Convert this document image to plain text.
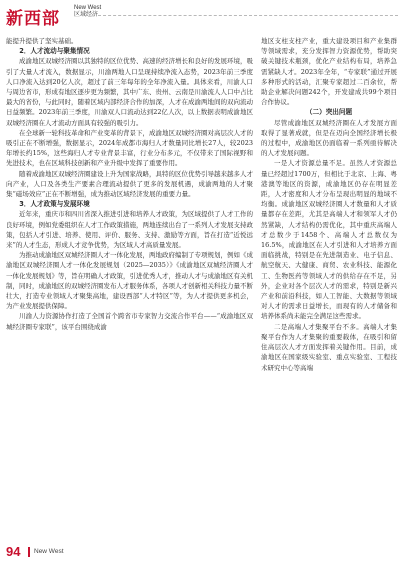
新西部
New West
区域经济

能提升提供了坚实基础。

2．人才流动与聚集情况

成渝地区双城经济圈以其独特的区位优势、高速的经济增长和良好的发展环境，吸引了大量人才流入，数据显示，川渝两地人口呈现持续净流入态势，2023年前三季度人口净流入达到20亿人次，超过了前三年每年的全年净流入量。具体来看，川渝人口与周边省市，形成有地区逐步更为频繁，其中广东、贵州、云南是川渝流人人口中占比最大的省份，与此同时，随着区域内部经济合作的加深，人才在成渝两地间的双向流动日益频繁。2023年前三季度，川渝双人口流动达到22亿人次，以上数据表明成渝地区双城经济圈在人才流动方面具有较强的吸引力。

在全球新一轮科技革命和产业变革的背景下，成渝地区双城经济圈对高层次人才的吸引正在不断增强，数据显示，2024年成都市海归人才数量同比增长27人，较2023年增长约15%，这些海归人才专业背景丰富，行业分布多元，不仅带来了国际视野和先进技术，也在区域科技创新和产业升级中发挥了重要作用。

随着成渝地区双城经济圈建设上升为国家战略，具特的区位优势引导越来越多人才向产业，人口及各类生产要素合理流动提供了更多的发展机遇，成渝两地的人才聚集“磁场效应”正在不断增强，成为推动区域经济发展的重要力量。

3．人才政策与发展环境

近年来，重庆市和四川省深入推进引进和培养人才政策，为区域提供了人才工作的良好环境，例如党委组织在人才工作政策措施，两地连续出台了一系列人才发展支持政策，包括人才引进、培养、使用、评价、服务、支持、激励等方面，旨在打造“近悦远来”的人才生态，形成人才竞争优势，为区域人才高质量发展。

为推动成渝地区双城经济圈人才一体化发展，两地政府编制了专项规划，例如《成渝地区双城经济圈人才一体化发展规划（2025—2035）》《成渝地区双城经济圈人才一体化发展规划》等，旨在明确人才政策，引进优秀人才，推动人才与成渝地区有关机制，同时，成渝地区的双城经济圈发布人才服务体系，各项人才创新相关科技力量不断壮大，打造专业领域人才聚集高地，建设西部“人才特区”等，为人才提供更多机会，为产业发展提供保障。

川渝人力资源协作打造了全国首个跨省市专家智力交流合作平台——“成渝地区双城经济圈专家联”，该平台围绕成渝

地区支柱支柱产业，重大建设项目和产业集群等领域需求，充分发挥智力资源优势，帮助突破关键技术瓶颈，优化产业结构布局，培养急需紧缺人才。2023年全年，“专家联”通过开展多种形式的活动，汇聚专家超过二百余位，帮助企业解决问题242个，开发建成共99个项目合作协议。

（二）突出问题

尽管成渝地区双城经济圈在人才发展方面取得了显著成就，但是在迈向全国经济增长极的过程中，成渝地区仍面临着一系列亟待解决的人才发展问题。

一是人才资源总量不足。虽然人才资源总量已经超过1700万，但相比于北京、上海、粤港澳等地区的资源，成渝地区仍存在明显差距，人才密度和人才分布呈现出明显的地域不均衡。成渝地区双城经济圈人才数量和人才质量都存在差距，尤其是高端人才和领军人才仍然紧缺，人才结构仍需优化，其中重庆高端人才总数少于1458个、高端人才总数仅为16.5%，成渝地区在人才引进和人才培养方面面临挑战，特别是在先进制造业、电子信息、航空航天、大健康、商贸、农业科技、能源化工、生物医药等领域人才的供给存在不足，另外，企业对各个层次人才的需求，特别是新兴产业和前沿科技，如人工智能、大数据等领域对人才的需求日益增长，而现有的人才储备和培养体系尚未能完全满足这些需求。

二是高端人才集聚平台不多。高端人才集聚平台作为人才集聚的重要载体，在吸引和留住高层次人才方面发挥着关键作用。目前，成渝地区在国家级实验室、重点实验室、工程技术研究中心等高端

94 New West
